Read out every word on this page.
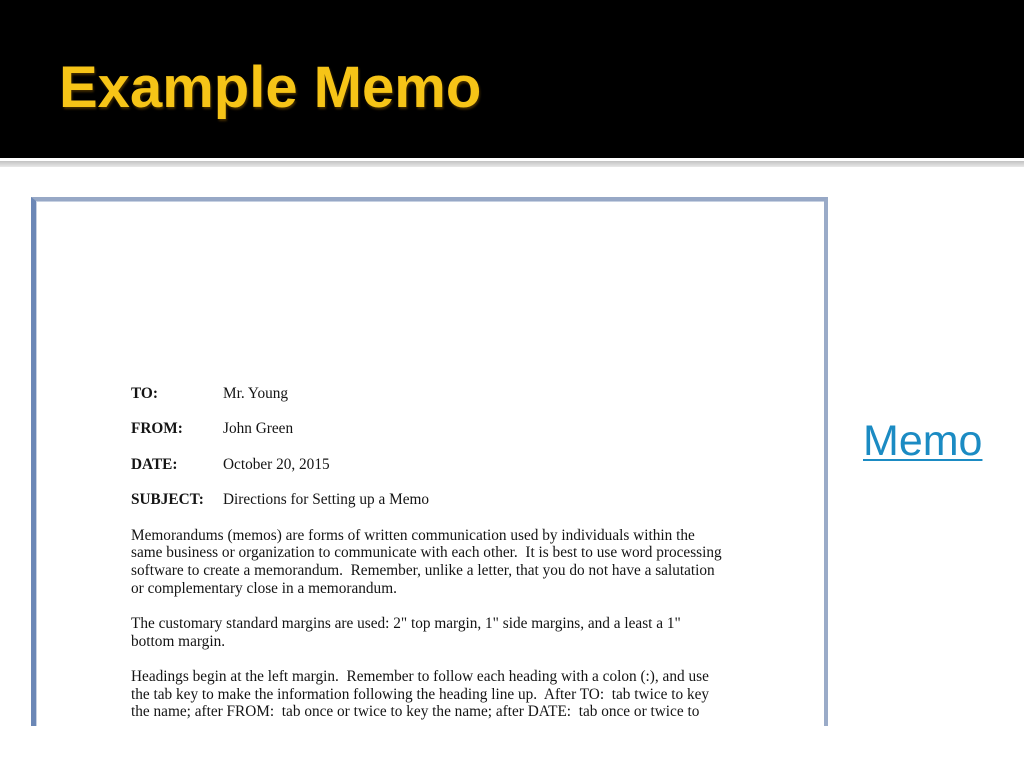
Example Memo
TO:	Mr. Young
FROM:	John Green
DATE:	October 20, 2015
SUBJECT:	Directions for Setting up a Memo

Memorandums (memos) are forms of written communication used by individuals within the
same business or organization to communicate with each other.  It is best to use word processing
software to create a memorandum.  Remember, unlike a letter, that you do not have a salutation
or complementary close in a memorandum.

The customary standard margins are used: 2" top margin, 1" side margins, and a least a 1"
bottom margin.

Headings begin at the left margin.  Remember to follow each heading with a colon (:), and use
the tab key to make the information following the heading line up.  After TO:  tab twice to key
the name; after FROM:  tab once or twice to key the name; after DATE:  tab once or twice to

Memo
